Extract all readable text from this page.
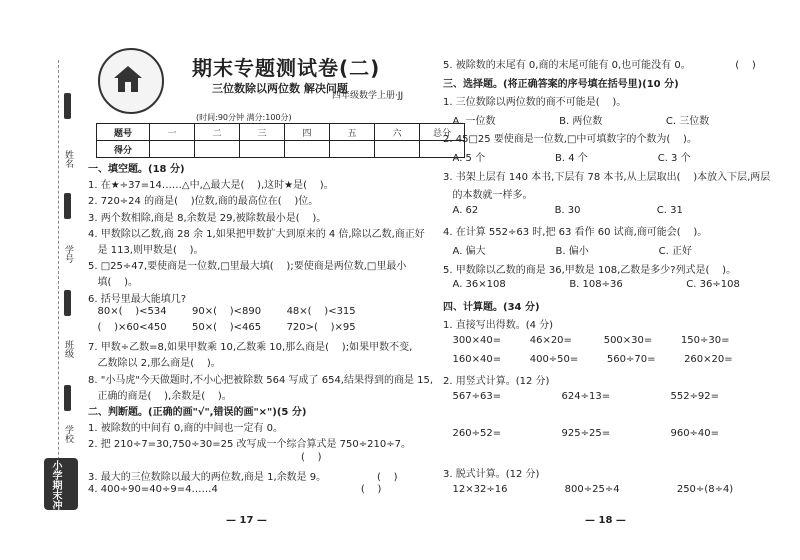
姓名
学号
班级
学校
小学期末冲刺100分
期末专题测试卷(二)
三位数除以两位数 解决问题
四年级数学上册·JJ
(时间:90分钟 满分:100分)
题号	一	二	三	四	五	六	总分
得分							
一、填空题。(18 分)
1. 在★÷37=14……△中,△最大是(    ),这时★是(    )。
2. 720÷24 的商是(    )位数,商的最高位在(    )位。
3. 两个数相除,商是 8,余数是 29,被除数最小是(    )。
4. 甲数除以乙数,商 28 余 1,如果把甲数扩大到原来的 4 倍,除以乙数,商正好
是 113,则甲数是(    )。
5. □25÷47,要使商是一位数,□里最大填(    );要使商是两位数,□里最小
填(    )。
6. 括号里最大能填几?
80×(    )<534        90×(    )<890        48×(    )<315
(    )×60<450        50×(    )<465        720>(    )×95
7. 甲数÷乙数=8,如果甲数乘 10,乙数乘 10,那么商是(    );如果甲数不变,
乙数除以 2,那么商是(    )。
8. "小马虎"今天做题时,不小心把被除数 564 写成了 654,结果得到的商是 15,
正确的商是(    ),余数是(    )。
二、判断题。(正确的画"√",错误的画"×")(5 分)
1. 被除数的中间有 0,商的中间也一定有 0。
2. 把 210÷7=30,750÷30=25 改写成一个综合算式是 750÷210÷7。
(    )
3. 最大的三位数除以最大的两位数,商是 1,余数是 9。                (    )
4. 400÷90=40÷9=4……4                                             (    )
5. 被除数的末尾有 0,商的末尾可能有 0,也可能没有 0。              (    )
三、选择题。(将正确答案的序号填在括号里)(10 分)
1. 三位数除以两位数的商不可能是(    )。
A. 一位数                    B. 两位数                    C. 三位数
2. 45□25 要使商是一位数,□中可填数字的个数为(    )。
A. 5 个                      B. 4 个                      C. 3 个
3. 书架上层有 140 本书,下层有 78 本书,从上层取出(    )本放入下层,两层
的本数就一样多。
A. 62                        B. 30                        C. 31
4. 在计算 552÷63 时,把 63 看作 60 试商,商可能会(    )。
A. 偏大                      B. 偏小                      C. 正好
5. 甲数除以乙数的商是 36,甲数是 108,乙数是多少?列式是(    )。
A. 36×108                    B. 108÷36                    C. 36÷108
四、计算题。(34 分)
1. 直接写出得数。(4 分)
300×40=         46×20=          500×30=         150÷30=
160×40=         400÷50=         560÷70=         260×20=
2. 用竖式计算。(12 分)
567÷63=                   624÷13=                   552÷92=

260÷52=                   925÷25=                   960÷40=

3. 脱式计算。(12 分)
12×32÷16                  800÷25÷4                  250÷(8÷4)
— 17 —	— 18 —
